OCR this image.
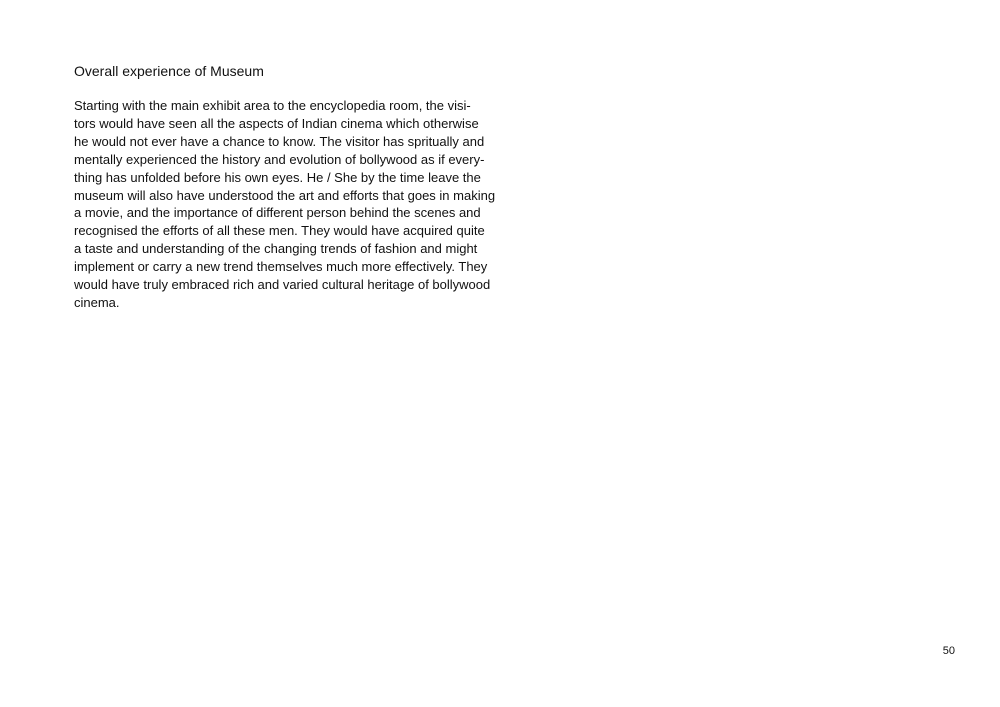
Overall experience of Museum
Starting with the main exhibit area to the encyclopedia room, the visi-
tors would have seen all the aspects of Indian cinema which otherwise
he would not ever have a chance to know. The visitor has spritually and
mentally experienced the history and evolution of bollywood as if every-
thing has unfolded before his own eyes. He / She by the time leave the
museum will also have understood the art and efforts that goes in making
a movie, and the importance of different person behind the scenes and
recognised the efforts of all these men. They would have acquired quite
a taste and understanding of the changing trends of fashion and might
implement or carry a new trend themselves much more effectively. They
would have truly embraced rich and varied cultural heritage of bollywood
cinema.
50
